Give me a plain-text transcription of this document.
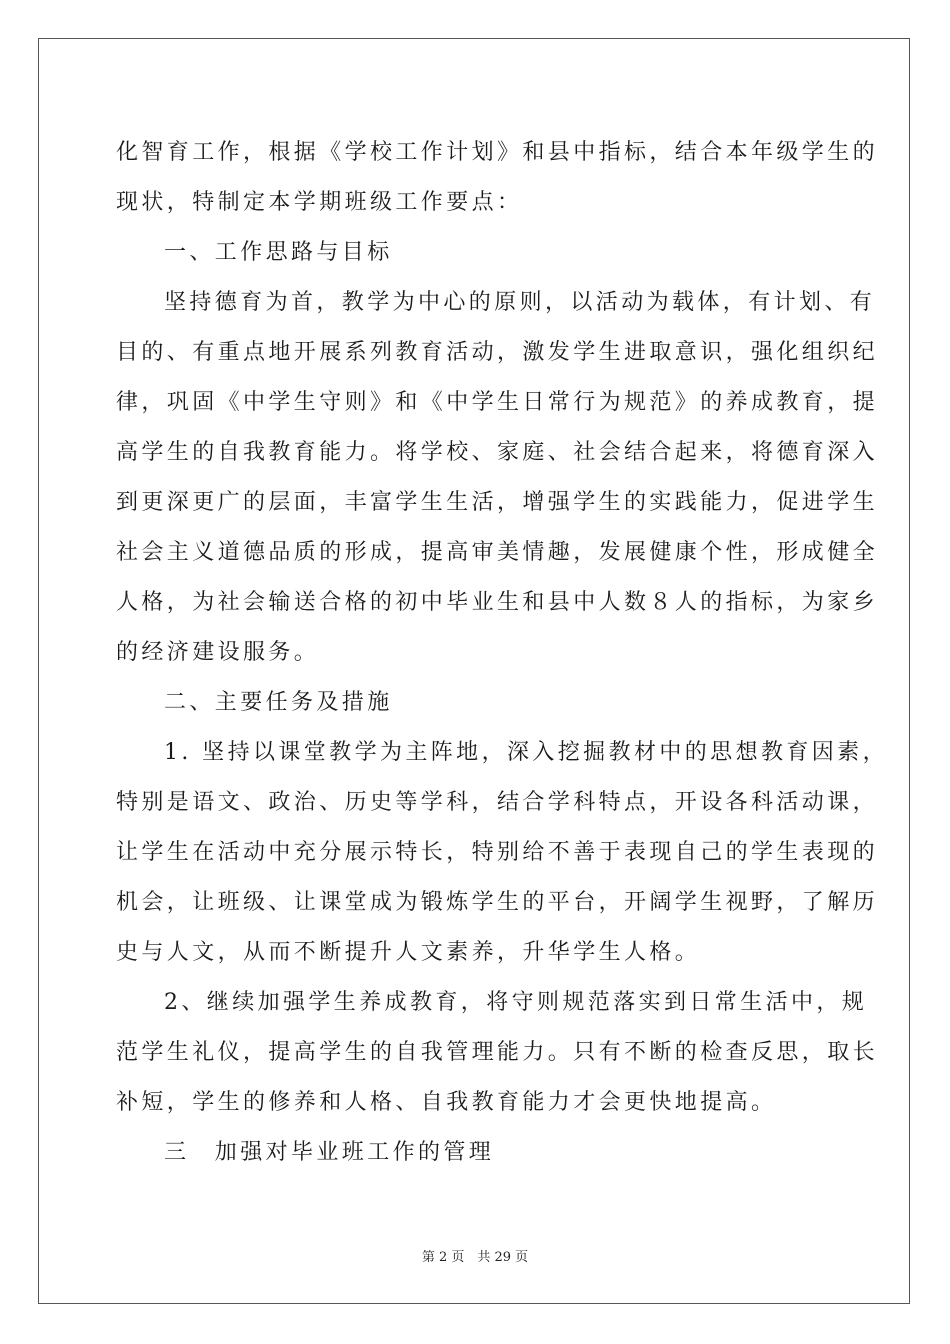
化智育工作，根据《学校工作计划》和县中指标，结合本年级学生的
现状，特制定本学期班级工作要点：
一、工作思路与目标
坚持德育为首，教学为中心的原则，以活动为载体，有计划、有
目的、有重点地开展系列教育活动，激发学生进取意识，强化组织纪
律，巩固《中学生守则》和《中学生日常行为规范》的养成教育，提
高学生的自我教育能力。将学校、家庭、社会结合起来，将德育深入
到更深更广的层面，丰富学生生活，增强学生的实践能力，促进学生
社会主义道德品质的形成，提高审美情趣，发展健康个性，形成健全
人格，为社会输送合格的初中毕业生和县中人数８人的指标，为家乡
的经济建设服务。
二、主要任务及措施
1. 坚持以课堂教学为主阵地，深入挖掘教材中的思想教育因素，
特别是语文、政治、历史等学科，结合学科特点，开设各科活动课，
让学生在活动中充分展示特长，特别给不善于表现自己的学生表现的
机会，让班级、让课堂成为锻炼学生的平台，开阔学生视野，了解历
史与人文，从而不断提升人文素养，升华学生人格。
2、继续加强学生养成教育，将守则规范落实到日常生活中，规
范学生礼仪，提高学生的自我管理能力。只有不断的检查反思，取长
补短，学生的修养和人格、自我教育能力才会更快地提高。
三　加强对毕业班工作的管理
第 2 页　共 29 页
